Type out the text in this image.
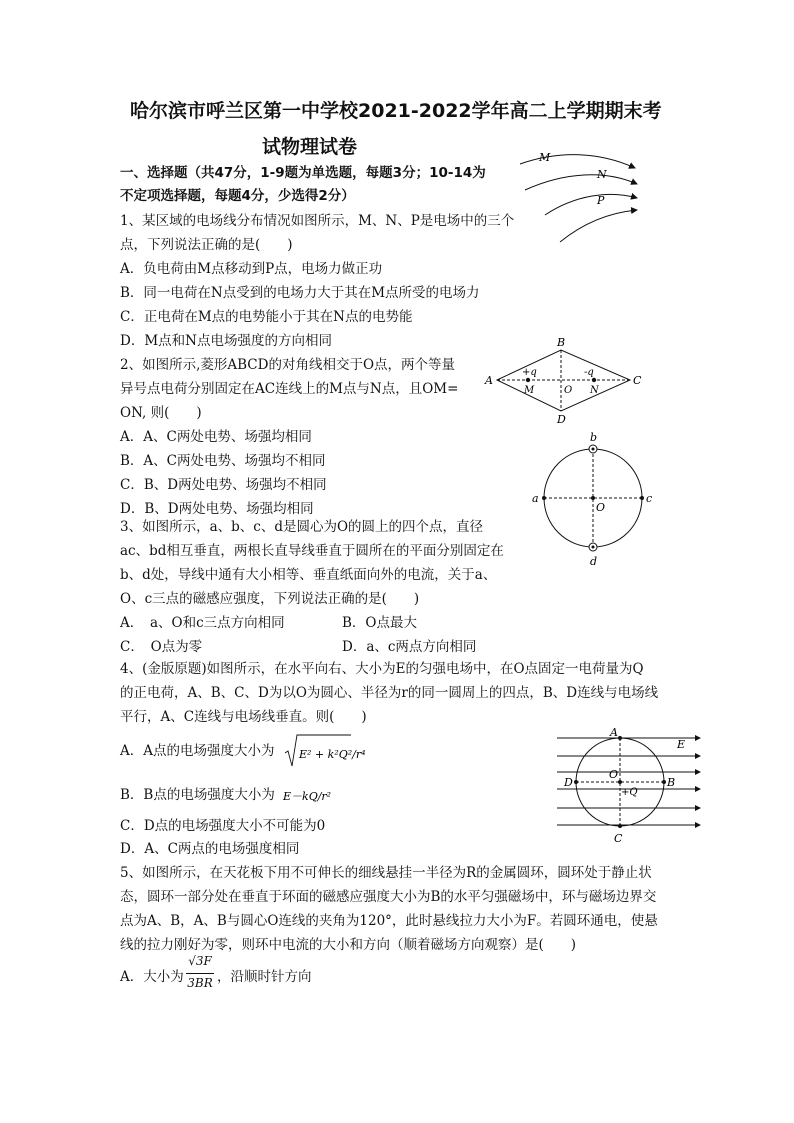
哈尔滨市呼兰区第一中学校2021-2022学年高二上学期期末考
试物理试卷
一、选择题（共47分，1-9题为单选题，每题3分；10-14为
不定项选择题，每题4分，少选得2分）
M
N
P
1、某区域的电场线分布情况如图所示，M、N、P是电场中的三个
点，下列说法正确的是(　　)
A．负电荷由M点移动到P点，电场力做正功
B．同一电荷在N点受到的电场力大于其在M点所受的电场力
C．正电荷在M点的电势能小于其在N点的电势能
D．M点和N点电场强度的方向相同
A
B
C
D
+q	-q
M	O N
2、如图所示,菱形ABCD的对角线相交于O点，两个等量
异号点电荷分别固定在AC连线上的M点与N点，且OM=
ON, 则(　　)
A．A、C两处电势、场强均相同
B．A、C两处电势、场强均不相同
C．B、D两处电势、场强均不相同
D．B、D两处电势、场强均相同
b
a	c
d
O
3、如图所示，a、b、c、d是圆心为O的圆上的四个点，直径
ac、bd相互垂直，两根长直导线垂直于圆所在的平面分别固定在
b、d处，导线中通有大小相等、垂直纸面向外的电流，关于a、
O、c三点的磁感应强度，下列说法正确的是(　　)
A．　a、O和c三点方向相同	B．O点最大
C．　O点为零	D．a、c两点方向相同
4、(金版原题)如图所示，在水平向右、大小为E的匀强电场中，在O点固定一电荷量为Q
的正电荷，A、B、C、D为以O为圆心、半径为r的同一圆周上的四点，B、D连线与电场线
平行，A、C连线与电场线垂直。则(　　)
A
D	B
C
O
+Q
E
A．A点的电场强度大小为 E² + k²Q²/r⁴
B．B点的电场强度大小为 E－kQ/r²
C．D点的电场强度大小不可能为0
D．A、C两点的电场强度相同
5、如图所示，在天花板下用不可伸长的细线悬挂一半径为R的金属圆环，圆环处于静止状
态，圆环一部分处在垂直于环面的磁感应强度大小为B的水平匀强磁场中，环与磁场边界交
点为A、B，A、B与圆心O连线的夹角为120°，此时悬线拉力大小为F。若圆环通电，使悬
线的拉力刚好为零，则环中电流的大小和方向（顺着磁场方向观察）是(　　)
A．大小为
√3F
3BR ，沿顺时针方向
